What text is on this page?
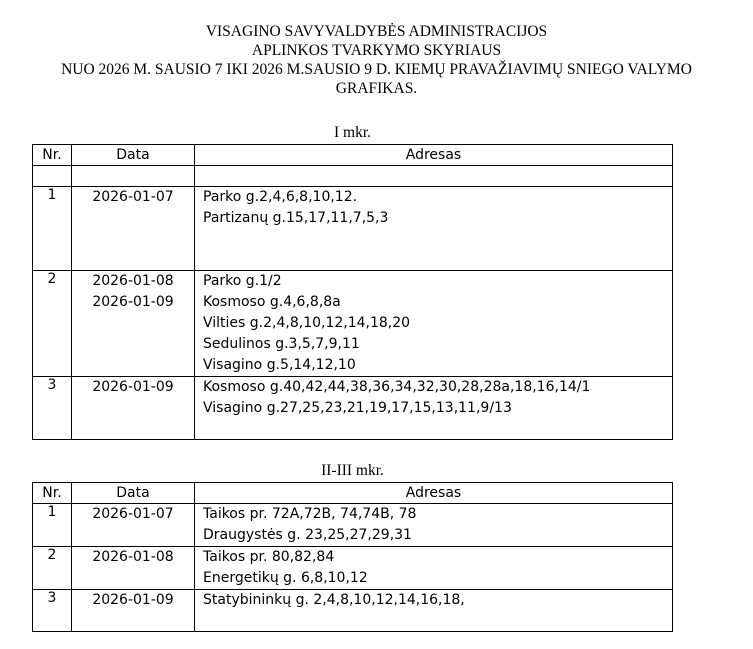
VISAGINO SAVYVALDYBĖS ADMINISTRACIJOS
APLINKOS TVARKYMO SKYRIAUS
NUO 2026 M. SAUSIO 7 IKI 2026 M.SAUSIO 9 D. KIEMŲ PRAVAŽIAVIMŲ SNIEGO VALYMO
GRAFIKAS.
I mkr.
Nr.	Data	Adresas

1	2026-01-07	Parko g.2,4,6,8,10,12.
Partizanų g.15,17,11,7,5,3

2	2026-01-08
2026-01-09	Parko g.1/2
Kosmoso g.4,6,8,8a
Vilties g.2,4,8,10,12,14,18,20
Sedulinos g.3,5,7,9,11
Visagino g.5,14,12,10

3	2026-01-09	Kosmoso g.40,42,44,38,36,34,32,30,28,28a,18,16,14/1
Visagino g.27,25,23,21,19,17,15,13,11,9/13
II-III mkr.
Nr.	Data	Adresas
1	2026-01-07	Taikos pr. 72A,72B, 74,74B, 78
Draugystės g. 23,25,27,29,31

2	2026-01-08	Taikos pr. 80,82,84
Energetikų g. 6,8,10,12

3	2026-01-09	Statybininkų g. 2,4,8,10,12,14,16,18,
